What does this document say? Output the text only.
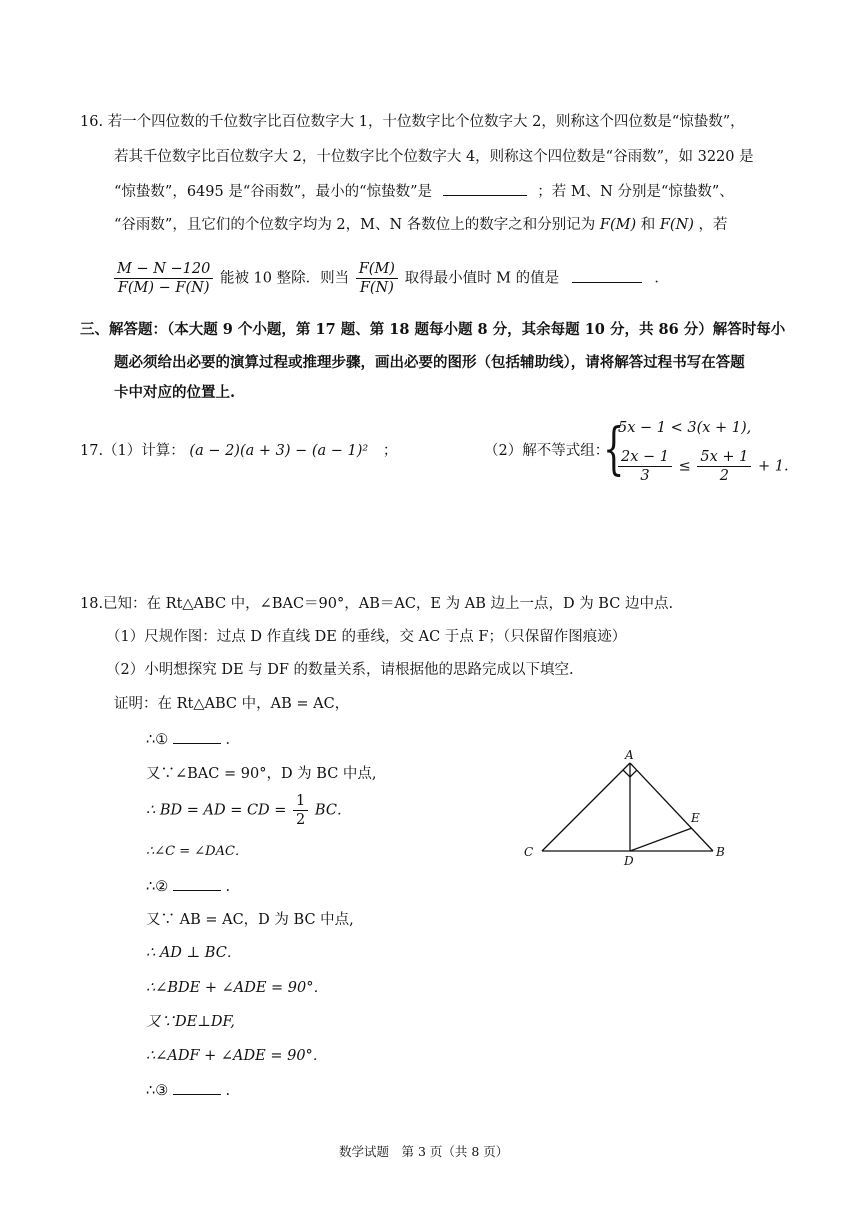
16. 若一个四位数的千位数字比百位数字大 1，十位数字比个位数字大 2，则称这个四位数是“惊蛰数”，
若其千位数字比百位数字大 2，十位数字比个位数字大 4，则称这个四位数是“谷雨数”，如 3220 是
“惊蛰数”，6495 是“谷雨数”，最小的“惊蛰数”是	；若 M、N 分别是“惊蛰数”、
“谷雨数”，且它们的个位数字均为 2，M、N 各数位上的数字之和分别记为 F(M) 和 F(N) ，若
$\frac{M - N -120}{F(M) - F(N)}$ 能被 10 整除．则当 $\frac{F(M)}{F(N)}$ 取得最小值时 M 的值是	．
三、解答题：（本大题 9 个小题，第 17 题、第 18 题每小题 8 分，其余每题 10 分，共 86 分）解答时每小
题必须给出必要的演算过程或推理步骤，画出必要的图形（包括辅助线），请将解答过程书写在答题
卡中对应的位置上.
17.（1）计算： (a − 2)(a + 3) − (a − 1)² ；	（2）解不等式组：
{
5x − 1 < 3(x + 1),
$\frac{2x - 1}{3} \le \frac{5x + 1}{2} + 1$.
18.已知：在 Rt△ABC 中，∠BAC＝90°，AB＝AC，E 为 AB 边上一点，D 为 BC 边中点.
（1）尺规作图：过点 D 作直线 DE 的垂线，交 AC 于点 F；（只保留作图痕迹）
（2）小明想探究 DE 与 DF 的数量关系，请根据他的思路完成以下填空.
证明：在 Rt△ABC 中，AB = AC，
∴①	．
又∵∠BAC = 90°，D 为 BC 中点,
∴ BD = AD = CD = $\frac{1}{2}$ BC．
∴∠C = ∠DAC．
∴②	.
又∵ AB = AC，D 为 BC 中点,
∴ AD ⊥ BC．
∴∠BDE + ∠ADE = 90°．
又∵DE⊥DF,
∴∠ADF + ∠ADE = 90°．
∴③	.
A
C	B
D
E
数学试题　第 3 页（共 8 页）
